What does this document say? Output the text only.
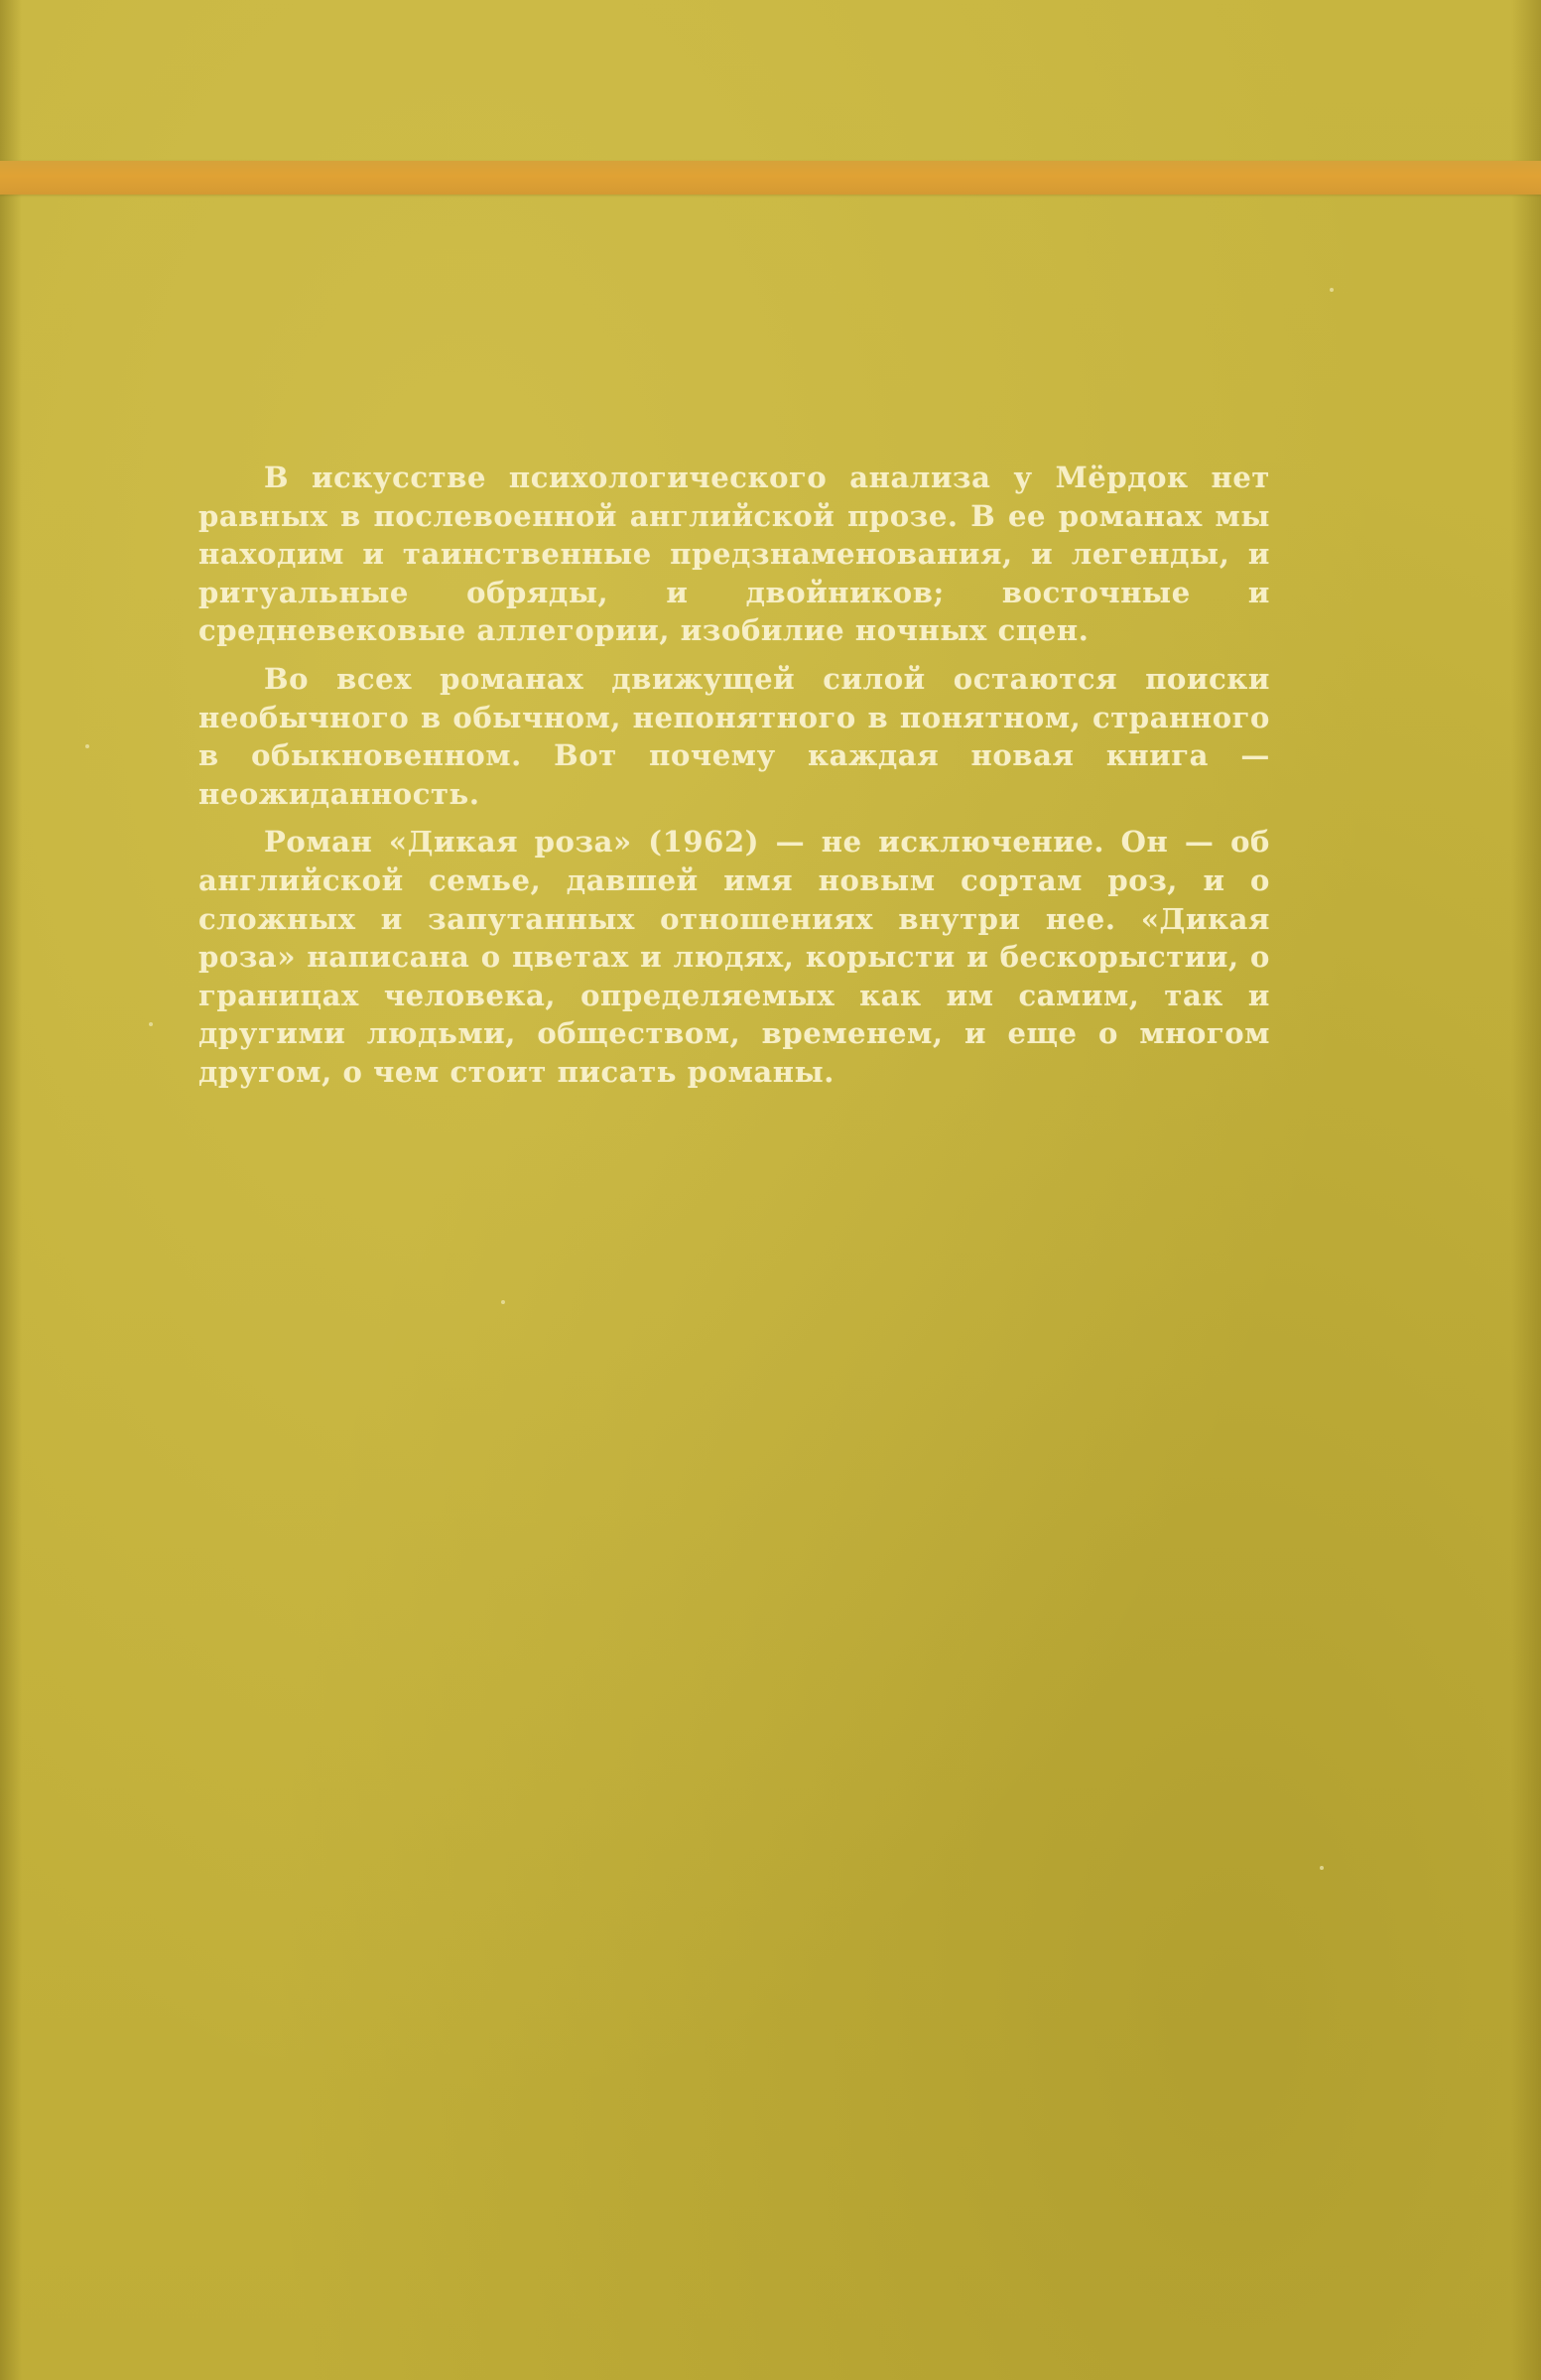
В искусстве психологического анализа у Мёрдок нет равных в послевоенной английской прозе. В ее романах мы находим и таинственные предзнаменования, и легенды, и ритуальные обряды, и двойников; восточные и средневековые аллегории, изобилие ночных сцен.

Во всех романах движущей силой остаются поиски необычного в обычном, непонятного в понятном, странного в обыкновенном. Вот почему каждая новая книга — неожиданность.

Роман «Дикая роза» (1962) — не исключение. Он — об английской семье, давшей имя новым сортам роз, и о сложных и запутанных отношениях внутри нее. «Дикая роза» написана о цветах и людях, корысти и бескорыстии, о границах человека, определяемых как им самим, так и другими людьми, обществом, временем, и еще о многом другом, о чем стоит писать романы.
